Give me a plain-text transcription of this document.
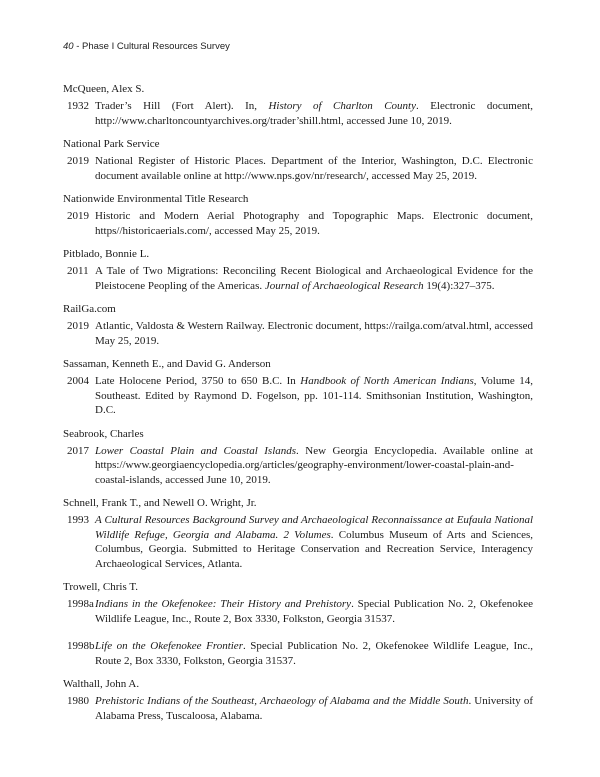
40 - Phase I Cultural Resources Survey
McQueen, Alex S.
1932 Trader’s Hill (Fort Alert). In, History of Charlton County. Electronic document, http://www.charltoncountyarchives.org/trader’shill.html, accessed June 10, 2019.
National Park Service
2019 National Register of Historic Places. Department of the Interior, Washington, D.C. Electronic document available online at http://www.nps.gov/nr/research/, accessed May 25, 2019.
Nationwide Environmental Title Research
2019 Historic and Modern Aerial Photography and Topographic Maps. Electronic document, https//historicaerials.com/, accessed May 25, 2019.
Pitblado, Bonnie L.
2011 A Tale of Two Migrations: Reconciling Recent Biological and Archaeological Evidence for the Pleistocene Peopling of the Americas. Journal of Archaeological Research 19(4):327–375.
RailGa.com
2019 Atlantic, Valdosta & Western Railway. Electronic document, https://railga.com/atval.html, accessed May 25, 2019.
Sassaman, Kenneth E., and David G. Anderson
2004 Late Holocene Period, 3750 to 650 B.C. In Handbook of North American Indians, Volume 14, Southeast. Edited by Raymond D. Fogelson, pp. 101-114. Smithsonian Institution, Washington, D.C.
Seabrook, Charles
2017 Lower Coastal Plain and Coastal Islands. New Georgia Encyclopedia. Available online at https://www.georgiaencyclopedia.org/articles/geography-environment/lower-coastal-plain-and-coastal-islands, accessed June 10, 2019.
Schnell, Frank T., and Newell O. Wright, Jr.
1993 A Cultural Resources Background Survey and Archaeological Reconnaissance at Eufaula National Wildlife Refuge, Georgia and Alabama. 2 Volumes. Columbus Museum of Arts and Sciences, Columbus, Georgia. Submitted to Heritage Conservation and Recreation Service, Interagency Archaeological Services, Atlanta.
Trowell, Chris T.
1998a Indians in the Okefenokee: Their History and Prehistory. Special Publication No. 2, Okefenokee Wildlife League, Inc., Route 2, Box 3330, Folkston, Georgia 31537.
1998b Life on the Okefenokee Frontier. Special Publication No. 2, Okefenokee Wildlife League, Inc., Route 2, Box 3330, Folkston, Georgia 31537.
Walthall, John A.
1980 Prehistoric Indians of the Southeast, Archaeology of Alabama and the Middle South. University of Alabama Press, Tuscaloosa, Alabama.
